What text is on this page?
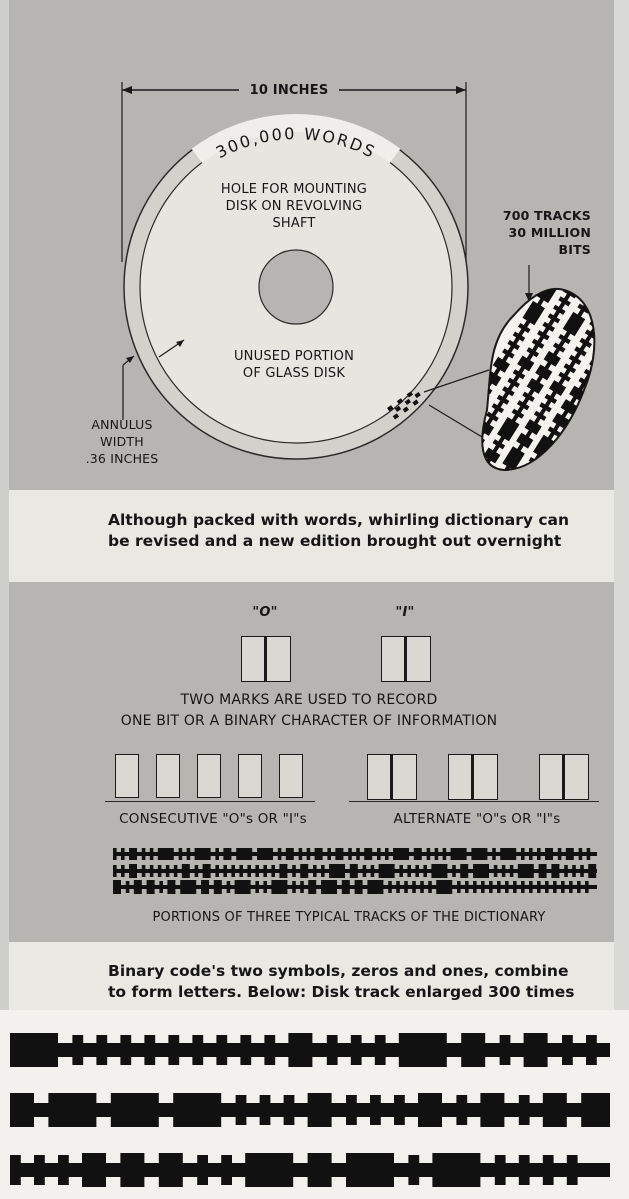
300,000 WORDS
10 INCHES
HOLE FOR MOUNTING
DISK ON REVOLVING
SHAFT
UNUSED PORTION
OF GLASS DISK
700 TRACKS
30 MILLION
BITS
ANNULUS
WIDTH
.36 INCHES
Although packed with words, whirling dictionary can
be revised and a new edition brought out overnight
"O"	"I"
TWO MARKS ARE USED TO RECORD
ONE BIT OR A BINARY CHARACTER OF INFORMATION
CONSECUTIVE "O"s OR "I"s	ALTERNATE "O"s OR "I"s
PORTIONS OF THREE TYPICAL TRACKS OF THE DICTIONARY
Binary code's two symbols, zeros and ones, combine
to form letters. Below: Disk track enlarged 300 times
